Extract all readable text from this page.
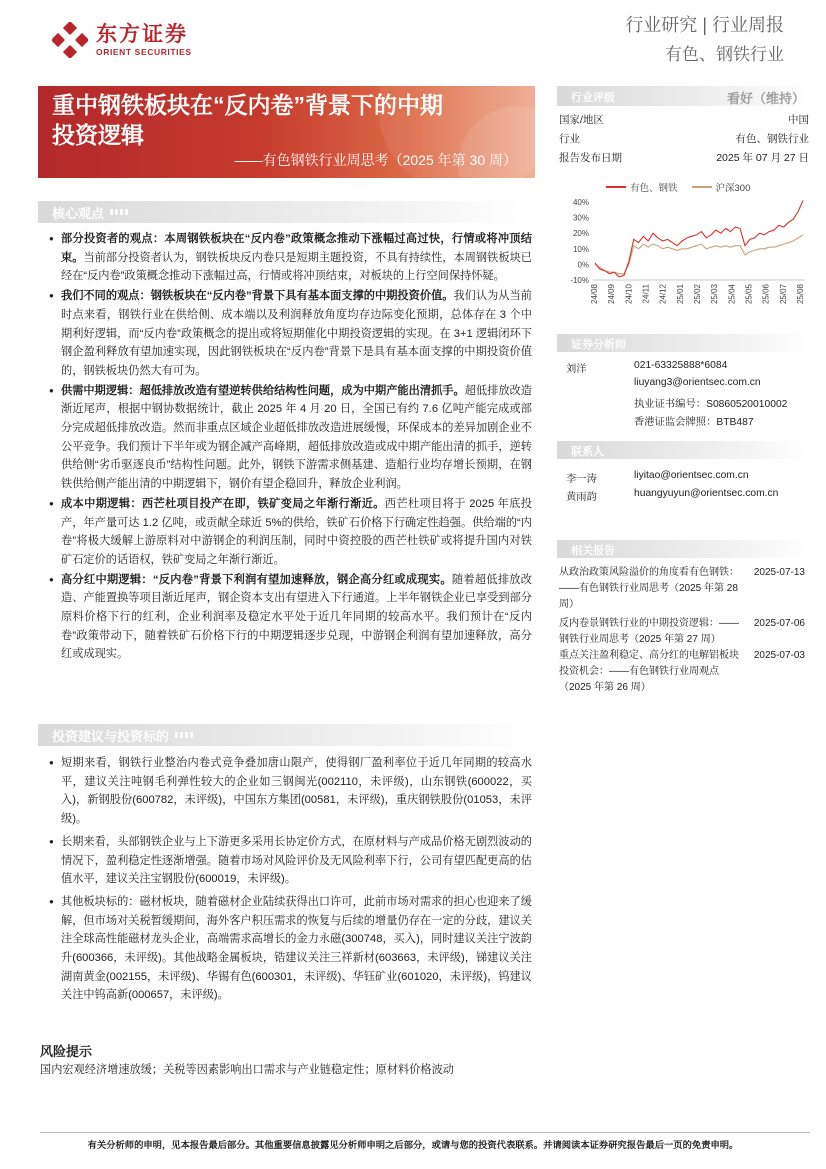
东方证券
ORIENT SECURITIES
行业研究 | 行业周报
有色、钢铁行业
重中钢铁板块在“反内卷”背景下的中期
投资逻辑
——有色钢铁行业周思考（2025 年第 30 周）
核心观点
● 部分投资者的观点：本周钢铁板块在“反内卷”政策概念推动下涨幅过高过快，行情或将冲顶结束。当前部分投资者认为，钢铁板块反内卷只是短期主题投资，不具有持续性，本周钢铁板块已经在“反内卷”政策概念推动下涨幅过高，行情或将冲顶结束，对板块的上行空间保持怀疑。
● 我们不同的观点：钢铁板块在“反内卷”背景下具有基本面支撑的中期投资价值。我们认为从当前时点来看，钢铁行业在供给侧、成本端以及利润释放角度均存边际变化预期，总体存在 3 个中期利好逻辑，而“反内卷”政策概念的提出或将短期催化中期投资逻辑的实现。在 3+1 逻辑闭环下钢企盈利释放有望加速实现，因此钢铁板块在“反内卷”背景下是具有基本面支撑的中期投资价值的，钢铁板块仍然大有可为。
● 供需中期逻辑：超低排放改造有望逆转供给结构性问题，成为中期产能出清抓手。超低排放改造渐近尾声，根据中钢协数据统计，截止 2025 年 4 月 20 日，全国已有约 7.6 亿吨产能完成或部分完成超低排放改造。然而非重点区域企业超低排放改造进展缓慢，环保成本的差异加剧企业不公平竞争。我们预计下半年或为钢企减产高峰期，超低排放改造或成中期产能出清的抓手，逆转供给侧“劣币驱逐良币”结构性问题。此外，钢铁下游需求侧基建、造船行业均存增长预期，在钢铁供给侧产能出清的中期逻辑下，钢价有望企稳回升，释放企业利润。
● 成本中期逻辑：西芒杜项目投产在即，铁矿变局之年渐行渐近。西芒杜项目将于 2025 年底投产，年产量可达 1.2 亿吨，或贡献全球近 5%的供给，铁矿石价格下行确定性趋强。供给端的“内卷”将极大缓解上游原料对中游钢企的利润压制，同时中资控股的西芒杜铁矿或将提升国内对铁矿石定价的话语权，铁矿变局之年渐行渐近。
● 高分红中期逻辑：“反内卷”背景下利润有望加速释放，钢企高分红或成现实。随着超低排放改造、产能置换等项目渐近尾声，钢企资本支出有望进入下行通道。上半年钢铁企业已享受到部分原料价格下行的红利，企业利润率及稳定水平处于近几年同期的较高水平。我们预计在“反内卷”政策带动下，随着铁矿石价格下行的中期逻辑逐步兑现，中游钢企利润有望加速释放，高分红或成现实。
投资建议与投资标的
● 短期来看，钢铁行业整治内卷式竞争叠加唐山限产，使得钢厂盈利率位于近几年同期的较高水平，建议关注吨钢毛利弹性较大的企业如三钢闽光(002110，未评级)，山东钢铁(600022，买入)，新钢股份(600782，未评级)，中国东方集团(00581，未评级)，重庆钢铁股份(01053，未评级)。
● 长期来看，头部钢铁企业与上下游更多采用长协定价方式，在原材料与产成品价格无剧烈波动的情况下，盈利稳定性逐渐增强。随着市场对风险评价及无风险利率下行，公司有望匹配更高的估值水平，建议关注宝钢股份(600019，未评级)。
● 其他板块标的：磁材板块，随着磁材企业陆续获得出口许可，此前市场对需求的担心也迎来了缓解，但市场对关税暂缓期间，海外客户积压需求的恢复与后续的增量仍存在一定的分歧，建议关注全球高性能磁材龙头企业，高端需求高增长的金力永磁(300748，买入)，同时建议关注宁波韵升(600366，未评级)。其他战略金属板块，锆建议关注三祥新材(603663，未评级)，锑建议关注湖南黄金(002155，未评级)、华锡有色(600301，未评级)、华钰矿业(601020，未评级)，钨建议关注中钨高新(000657，未评级)。
风险提示
国内宏观经济增速放缓；关税等因素影响出口需求与产业链稳定性；原材料价格波动
行业评级	看好（维持）
国家/地区	中国
行业	有色、钢铁行业
报告发布日期	2025 年 07 月 27 日
有色、钢铁	沪深300
40%
30%
20%
10%
0%
-10%
24/08 24/09 24/10 24/11 24/12 25/01 25/02 25/03 25/04 25/05 25/06 25/07 25/08
证券分析师
刘洋	021-63325888*6084
liuyang3@orientsec.com.cn
执业证书编号：S0860520010002
香港证监会牌照：BTB487
联系人
李一涛	liyitao@orientsec.com.cn
黄雨韵	huangyuyun@orientsec.com.cn
相关报告
从政治政策风险溢价的角度看有色钢铁：
——有色钢铁行业周思考（2025 年第 28
周）
2025-07-13
反内卷景钢铁行业的中期投资逻辑：——
钢铁行业周思考（2025 年第 27 周）
2025-07-06
重点关注盈利稳定、高分红的电解铝板块
投资机会：——有色钢铁行业周观点
（2025 年第 26 周）
2025-07-03
有关分析师的申明，见本报告最后部分。其他重要信息披露见分析师申明之后部分，或请与您的投资代表联系。并请阅读本证券研究报告最后一页的免责申明。
